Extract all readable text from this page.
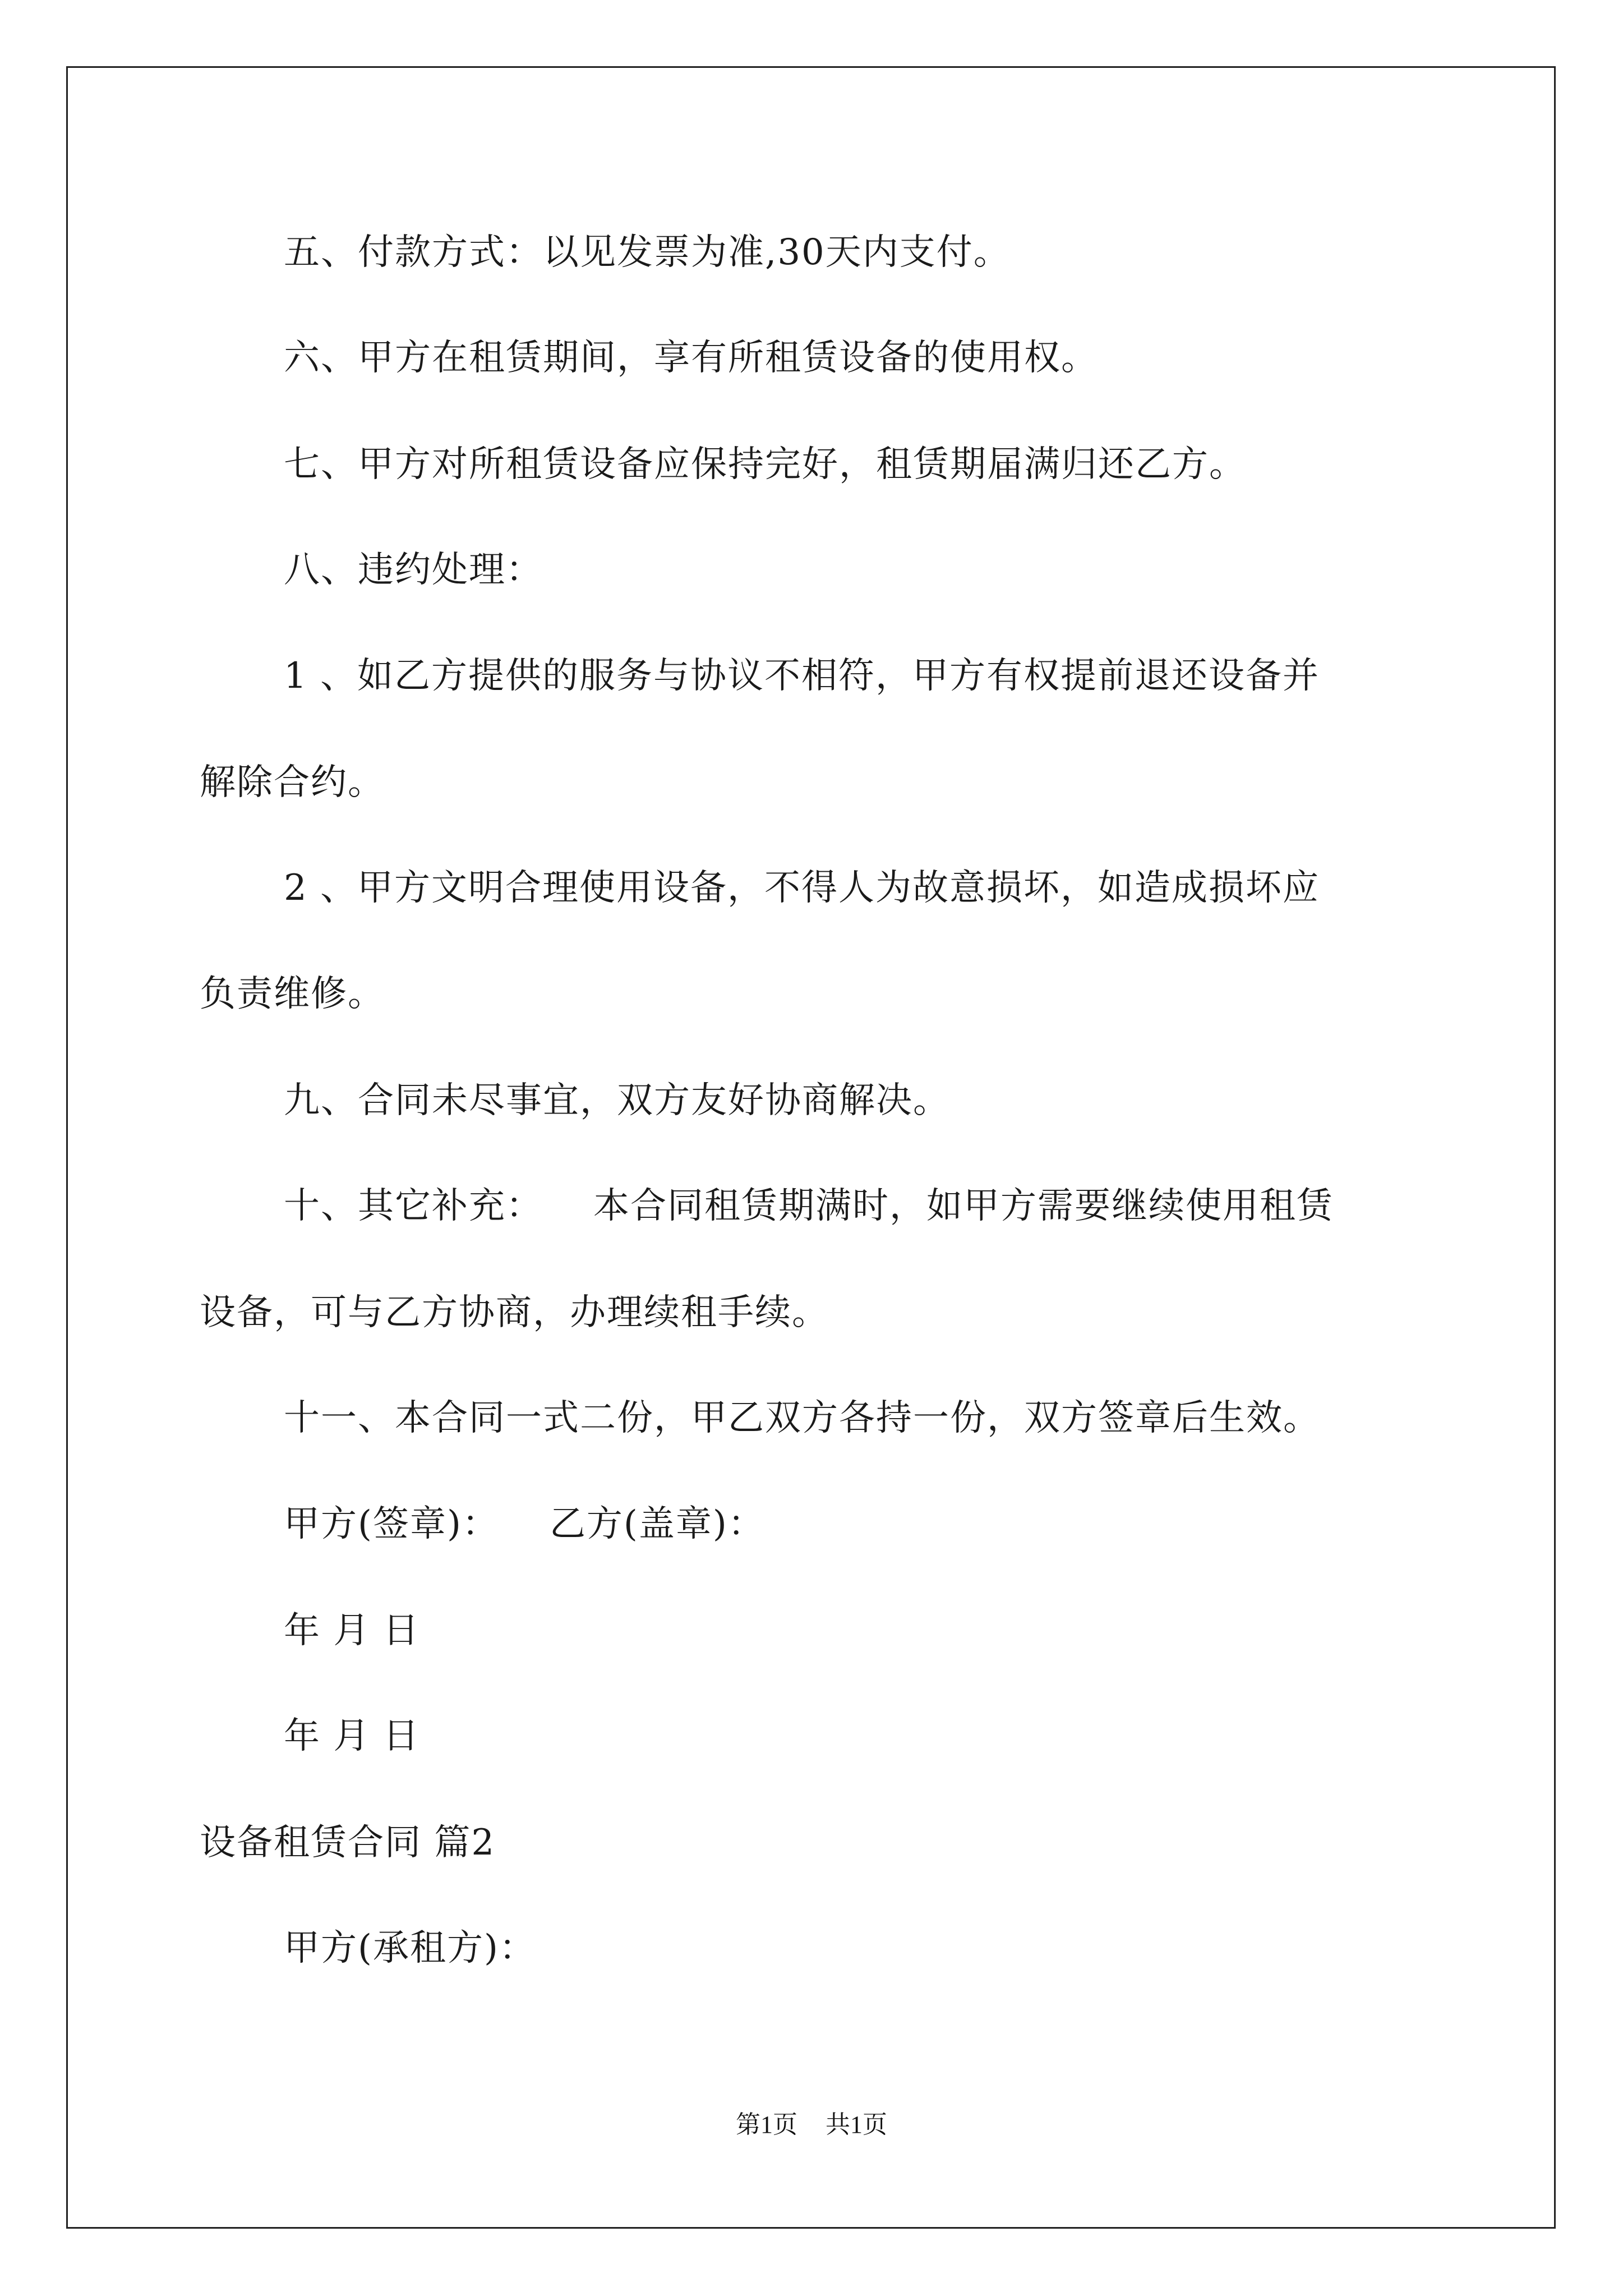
五、付款方式：以见发票为准,30天内支付。
六、甲方在租赁期间，享有所租赁设备的使用权。
七、甲方对所租赁设备应保持完好，租赁期届满归还乙方。
八、违约处理：
1 、如乙方提供的服务与协议不相符，甲方有权提前退还设备并
解除合约。
2 、甲方文明合理使用设备，不得人为故意损坏，如造成损坏应
负责维修。
九、合同未尽事宜，双方友好协商解决。
十、其它补充： 本合同租赁期满时，如甲方需要继续使用租赁
设备，可与乙方协商，办理续租手续。
十一、本合同一式二份，甲乙双方各持一份，双方签章后生效。
甲方(签章)： 乙方(盖章)：
年 月 日
年 月 日
设备租赁合同 篇2
甲方(承租方)：
第1页 共1页
